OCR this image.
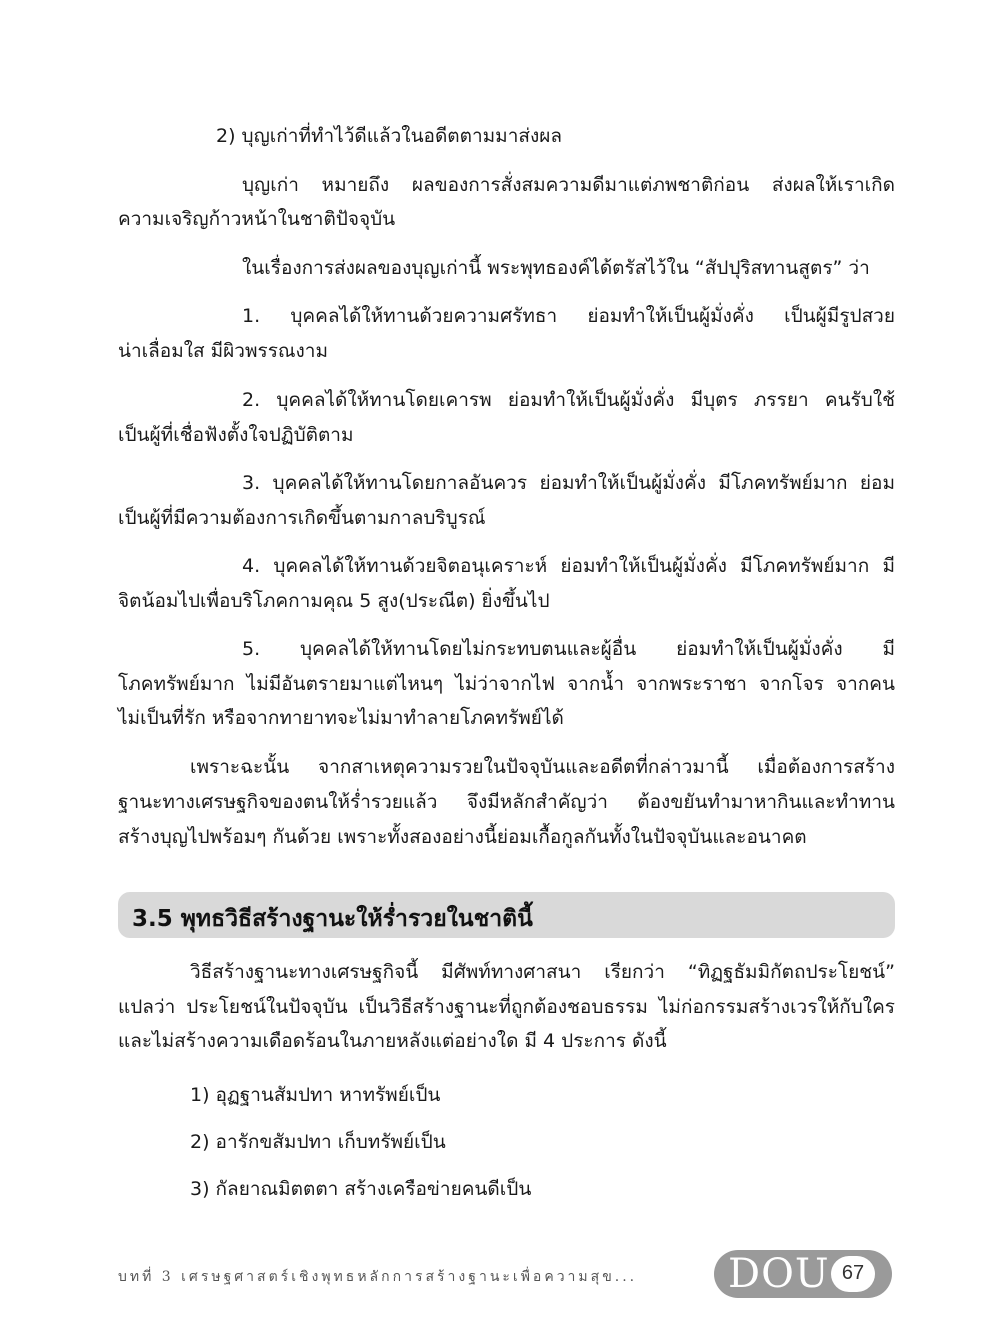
2) บุญเก่าที่ทำไว้ดีแล้วในอดีตตามมาส่งผล
บุญเก่า หมายถึง ผลของการสั่งสมความดีมาแต่ภพชาติก่อน ส่งผลให้เราเกิด
ความเจริญก้าวหน้าในชาติปัจจุบัน
ในเรื่องการส่งผลของบุญเก่านี้ พระพุทธองค์ได้ตรัสไว้ใน “สัปปุริสทานสูตร” ว่า
1. บุคคลได้ให้ทานด้วยความศรัทธา ย่อมทำให้เป็นผู้มั่งคั่ง เป็นผู้มีรูปสวย
น่าเลื่อมใส มีผิวพรรณงาม
2. บุคคลได้ให้ทานโดยเคารพ ย่อมทำให้เป็นผู้มั่งคั่ง มีบุตร ภรรยา คนรับใช้
เป็นผู้ที่เชื่อฟังตั้งใจปฏิบัติตาม
3. บุคคลได้ให้ทานโดยกาลอันควร ย่อมทำให้เป็นผู้มั่งคั่ง มีโภคทรัพย์มาก ย่อม
เป็นผู้ที่มีความต้องการเกิดขึ้นตามกาลบริบูรณ์
4. บุคคลได้ให้ทานด้วยจิตอนุเคราะห์ ย่อมทำให้เป็นผู้มั่งคั่ง มีโภคทรัพย์มาก มี
จิตน้อมไปเพื่อบริโภคกามคุณ 5 สูง(ประณีต) ยิ่งขึ้นไป
5. บุคคลได้ให้ทานโดยไม่กระทบตนและผู้อื่น ย่อมทำให้เป็นผู้มั่งคั่ง มี
โภคทรัพย์มาก ไม่มีอันตรายมาแต่ไหนๆ ไม่ว่าจากไฟ จากน้ำ จากพระราชา จากโจร จากคน
ไม่เป็นที่รัก หรือจากทายาทจะไม่มาทำลายโภคทรัพย์ได้
เพราะฉะนั้น จากสาเหตุความรวยในปัจจุบันและอดีตที่กล่าวมานี้ เมื่อต้องการสร้าง
ฐานะทางเศรษฐกิจของตนให้ร่ำรวยแล้ว จึงมีหลักสำคัญว่า ต้องขยันทำมาหากินและทำทาน
สร้างบุญไปพร้อมๆ กันด้วย เพราะทั้งสองอย่างนี้ย่อมเกื้อกูลกันทั้งในปัจจุบันและอนาคต
3.5 พุทธวิธีสร้างฐานะให้ร่ำรวยในชาตินี้
วิธีสร้างฐานะทางเศรษฐกิจนี้ มีศัพท์ทางศาสนา เรียกว่า “ทิฏฐธัมมิกัตถประโยชน์”
แปลว่า ประโยชน์ในปัจจุบัน เป็นวิธีสร้างฐานะที่ถูกต้องชอบธรรม ไม่ก่อกรรมสร้างเวรให้กับใคร
และไม่สร้างความเดือดร้อนในภายหลังแต่อย่างใด มี 4 ประการ ดังนี้
1) อุฏฐานสัมปทา หาทรัพย์เป็น
2) อารักขสัมปทา เก็บทรัพย์เป็น
3) กัลยาณมิตตตา สร้างเครือข่ายคนดีเป็น
บทที่ 3 เศรษฐศาสตร์เชิงพุทธหลักการสร้างฐานะเพื่อความสุข... DOU 67
